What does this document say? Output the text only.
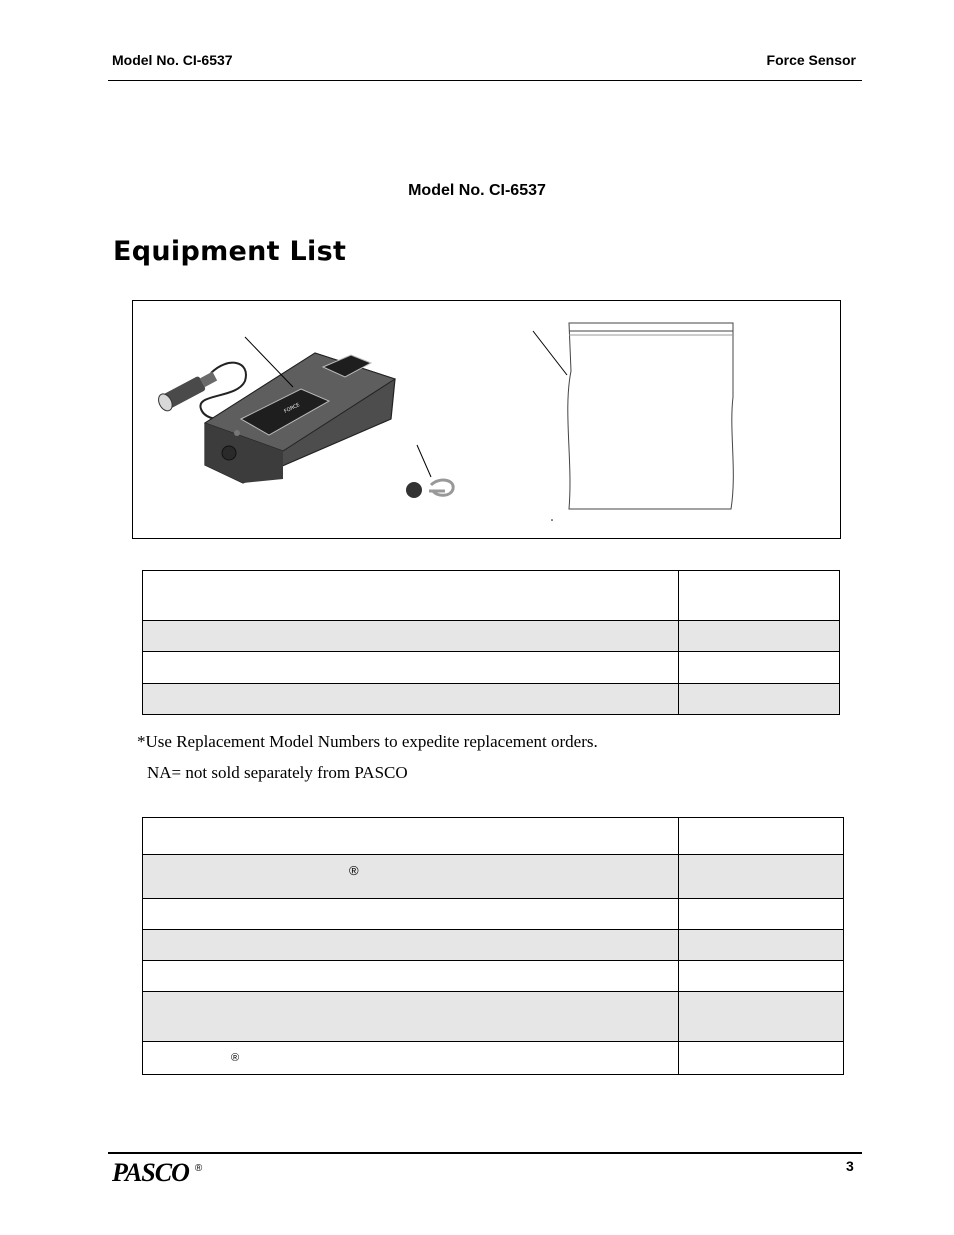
Model No. CI-6537	Force Sensor
Model No. CI-6537
Equipment List
FORCE

*Use Replacement Model Numbers to expedite replacement orders.
NA= not sold separately from PASCO

®	

®	
PASCO ®	3
